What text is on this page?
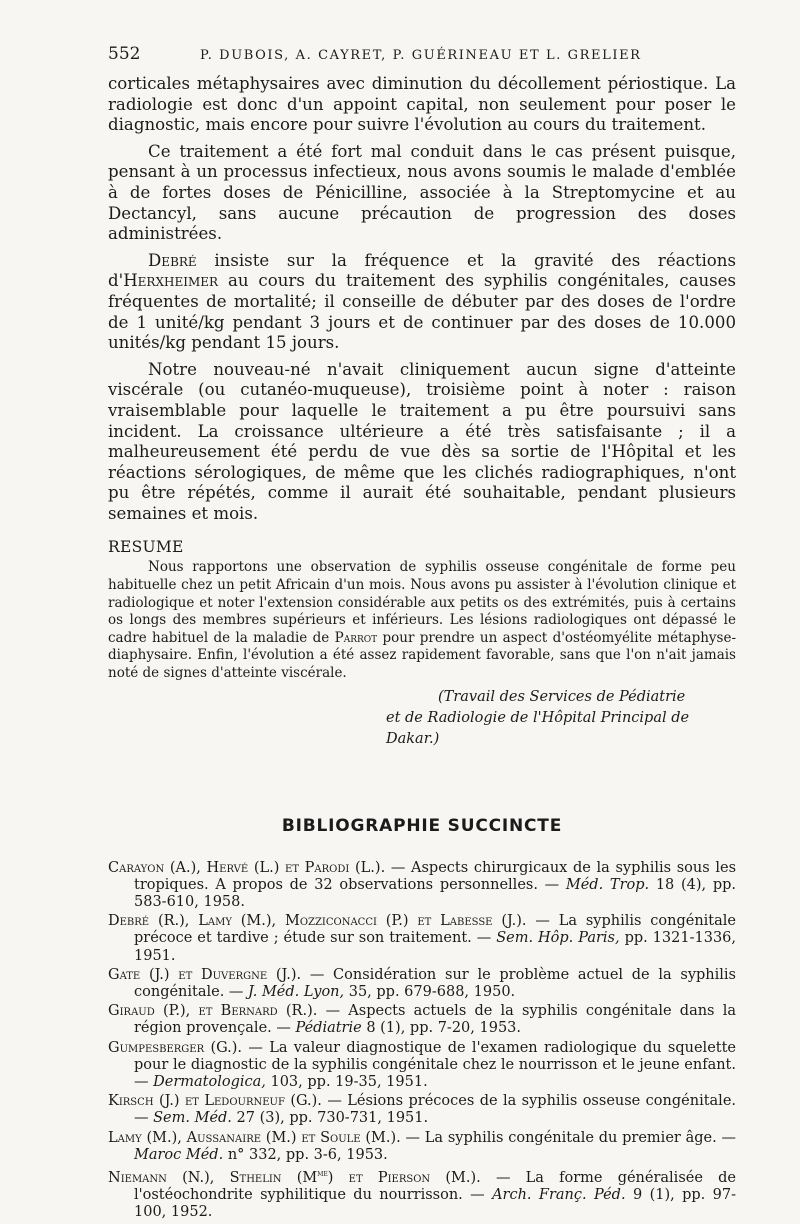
552	P. DUBOIS, A. CAYRET, P. GUÉRINEAU ET L. GRELIER

corticales métaphysaires avec diminution du décollement périostique. La radiologie est donc d'un appoint capital, non seulement pour poser le diagnostic, mais encore pour suivre l'évolution au cours du traitement.

Ce traitement a été fort mal conduit dans le cas présent puisque, pensant à un processus infectieux, nous avons soumis le malade d'emblée à de fortes doses de Pénicilline, associée à la Streptomycine et au Dectancyl, sans aucune précaution de progression des doses administrées.

Debré insiste sur la fréquence et la gravité des réactions d'Herxheimer au cours du traitement des syphilis congénitales, causes fréquentes de mortalité; il conseille de débuter par des doses de l'ordre de 1 unité/kg pendant 3 jours et de continuer par des doses de 10.000 unités/kg pendant 15 jours.

Notre nouveau-né n'avait cliniquement aucun signe d'atteinte viscérale (ou cutanéo-muqueuse), troisième point à noter : raison vraisemblable pour laquelle le traitement a pu être poursuivi sans incident. La croissance ultérieure a été très satisfaisante ; il a malheureusement été perdu de vue dès sa sortie de l'Hôpital et les réactions sérologiques, de même que les clichés radiographiques, n'ont pu être répétés, comme il aurait été souhaitable, pendant plusieurs semaines et mois.

RESUME
Nous rapportons une observation de syphilis osseuse congénitale de forme peu habituelle chez un petit Africain d'un mois. Nous avons pu assister à l'évolution clinique et radiologique et noter l'extension considérable aux petits os des extrémités, puis à certains os longs des membres supérieurs et inférieurs. Les lésions radiologiques ont dépassé le cadre habituel de la maladie de Parrot pour prendre un aspect d'ostéomyélite métaphyse-diaphysaire. Enfin, l'évolution a été assez rapidement favorable, sans que l'on n'ait jamais noté de signes d'atteinte viscérale.
(Travail des Services de Pédiatrie
et de Radiologie de l'Hôpital Principal de Dakar.)
BIBLIOGRAPHIE SUCCINCTE
Carayon (A.), Hervé (L.) et Parodi (L.). — Aspects chirurgicaux de la syphilis sous les tropiques. A propos de 32 observations personnelles. — Méd. Trop. 18 (4), pp. 583-610, 1958.
Debré (R.), Lamy (M.), Mozziconacci (P.) et Labesse (J.). — La syphilis congénitale précoce et tardive ; étude sur son traitement. — Sem. Hôp. Paris, pp. 1321-1336, 1951.
Gate (J.) et Duvergne (J.). — Considération sur le problème actuel de la syphilis congénitale. — J. Méd. Lyon, 35, pp. 679-688, 1950.
Giraud (P.), et Bernard (R.). — Aspects actuels de la syphilis congénitale dans la région provençale. — Pédiatrie 8 (1), pp. 7-20, 1953.
Gumpesberger (G.). — La valeur diagnostique de l'examen radiologique du squelette pour le diagnostic de la syphilis congénitale chez le nourrisson et le jeune enfant. — Dermatologica, 103, pp. 19-35, 1951.
Kirsch (J.) et Ledourneuf (G.). — Lésions précoces de la syphilis osseuse congénitale. — Sem. Méd. 27 (3), pp. 730-731, 1951.
Lamy (M.), Aussanaire (M.) et Soule (M.). — La syphilis congénitale du premier âge. — Maroc Méd. n° 332, pp. 3-6, 1953.
Niemann (N.), Sthelin $(M^{me})$ et Pierson (M.). — La forme généralisée de l'ostéochondrite syphilitique du nourrisson. — Arch. Franç. Péd. 9 (1), pp. 97-100, 1952.
